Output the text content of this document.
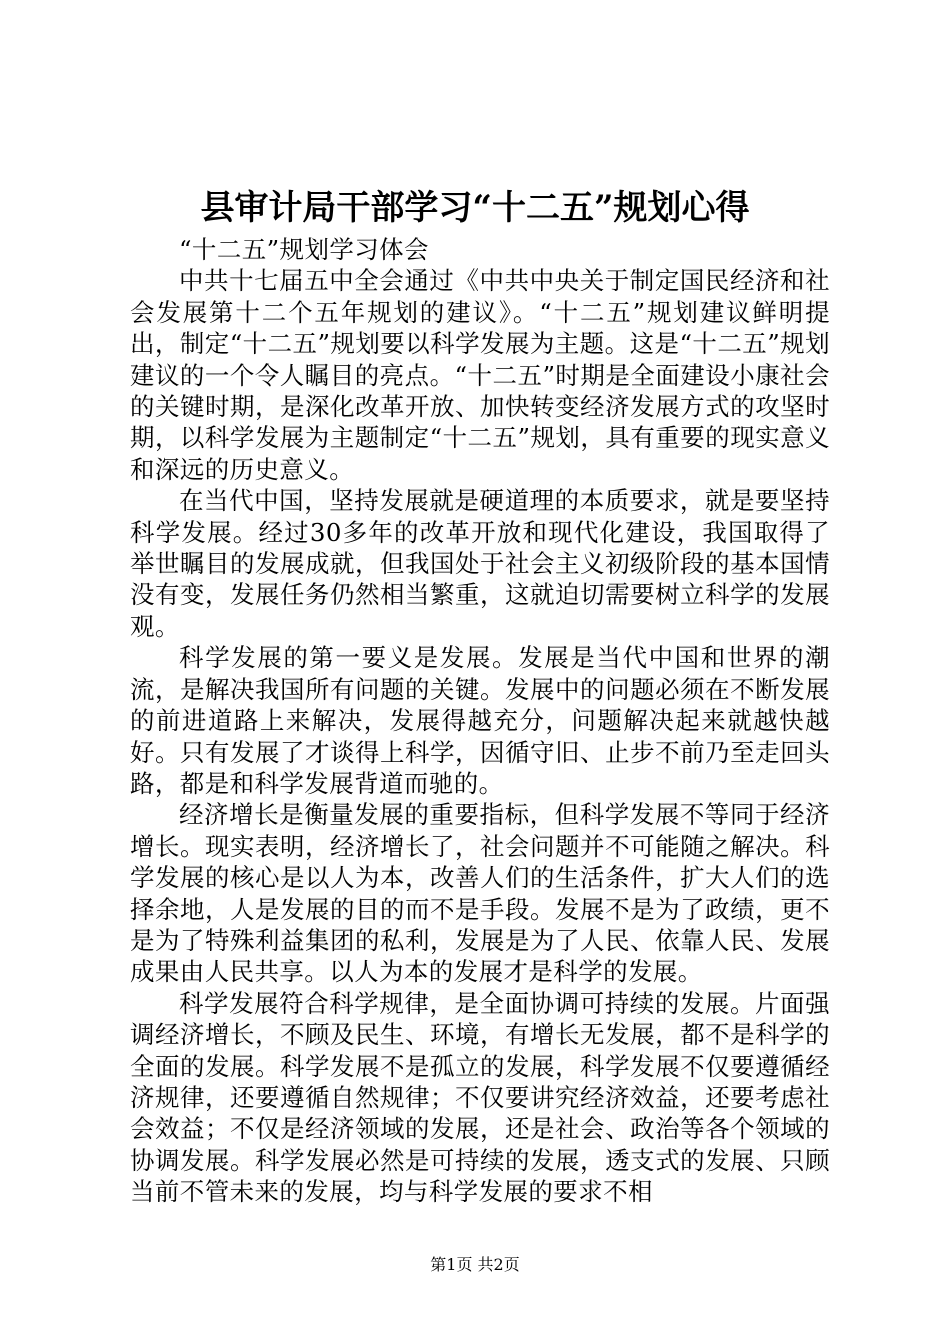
县审计局干部学习“十二五”规划心得

“十二五”规划学习体会

中共十七届五中全会通过《中共中央关于制定国民经济和社会发展第十二个五年规划的建议》。“十二五”规划建议鲜明提出，制定“十二五”规划要以科学发展为主题。这是“十二五”规划建议的一个令人瞩目的亮点。“十二五”时期是全面建设小康社会的关键时期，是深化改革开放、加快转变经济发展方式的攻坚时期，以科学发展为主题制定“十二五”规划，具有重要的现实意义和深远的历史意义。

在当代中国，坚持发展就是硬道理的本质要求，就是要坚持科学发展。经过30多年的改革开放和现代化建设，我国取得了举世瞩目的发展成就，但我国处于社会主义初级阶段的基本国情没有变，发展任务仍然相当繁重，这就迫切需要树立科学的发展观。

科学发展的第一要义是发展。发展是当代中国和世界的潮流，是解决我国所有问题的关键。发展中的问题必须在不断发展的前进道路上来解决，发展得越充分，问题解决起来就越快越好。只有发展了才谈得上科学，因循守旧、止步不前乃至走回头路，都是和科学发展背道而驰的。

经济增长是衡量发展的重要指标，但科学发展不等同于经济增长。现实表明，经济增长了，社会问题并不可能随之解决。科学发展的核心是以人为本，改善人们的生活条件，扩大人们的选择余地，人是发展的目的而不是手段。发展不是为了政绩，更不是为了特殊利益集团的私利，发展是为了人民、依靠人民、发展成果由人民共享。以人为本的发展才是科学的发展。

科学发展符合科学规律，是全面协调可持续的发展。片面强调经济增长，不顾及民生、环境，有增长无发展，都不是科学的全面的发展。科学发展不是孤立的发展，科学发展不仅要遵循经济规律，还要遵循自然规律；不仅要讲究经济效益，还要考虑社会效益；不仅是经济领域的发展，还是社会、政治等各个领域的协调发展。科学发展必然是可持续的发展，透支式的发展、只顾当前不管未来的发展，均与科学发展的要求不相

第1页 共2页
